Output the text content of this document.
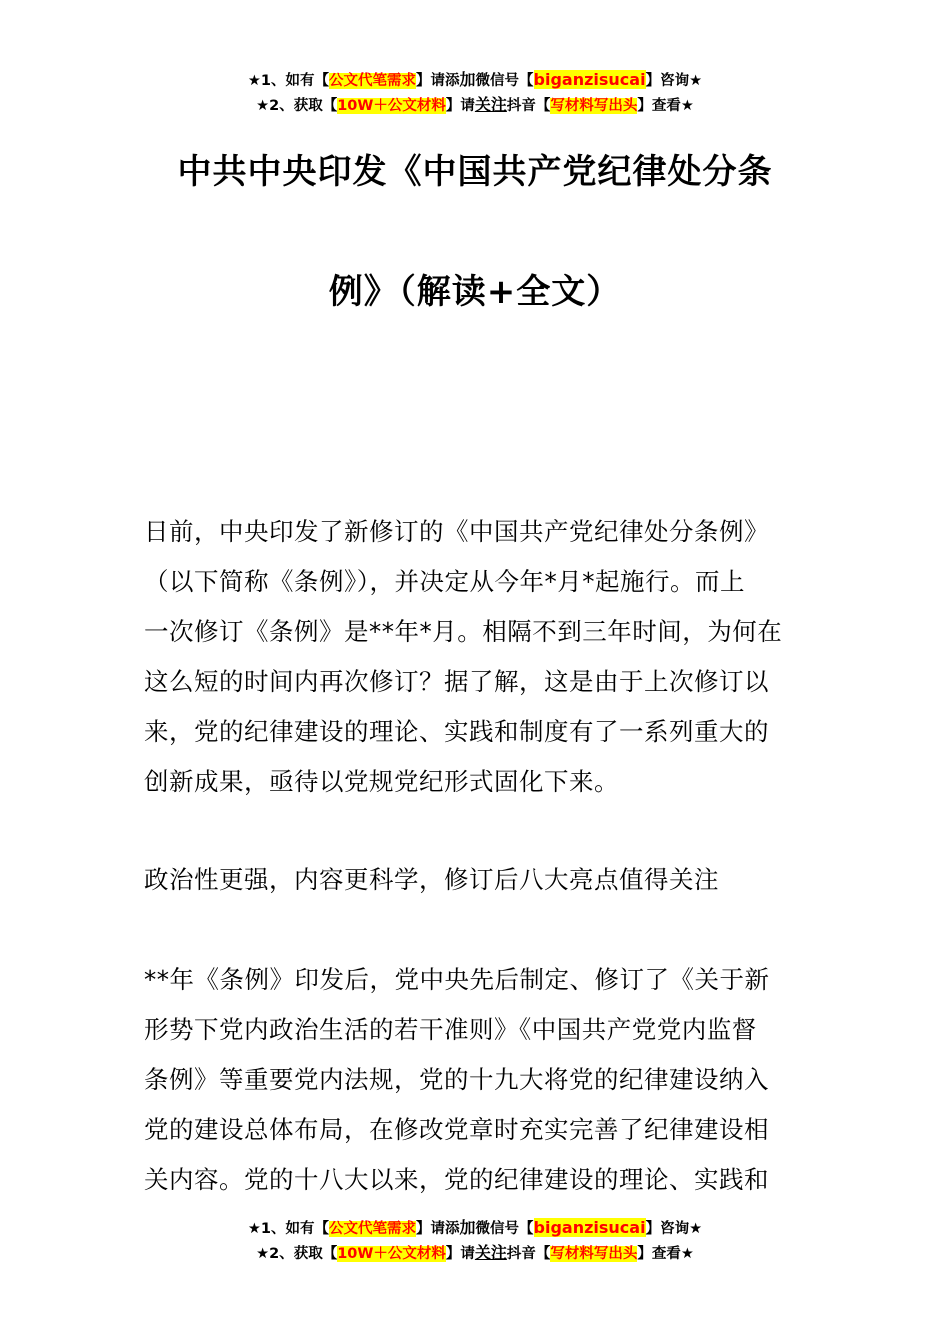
★1、如有【公文代笔需求】请添加微信号【biganzisucai】咨询★
★2、获取【10W＋公文材料】请关注抖音【写材料写出头】查看★
中共中央印发《中国共产党纪律处分条
例》（解读+全文）
日前，中央印发了新修订的《中国共产党纪律处分条例》
（以下简称《条例》），并决定从今年*月*起施行。而上
一次修订《条例》是**年*月。相隔不到三年时间，为何在
这么短的时间内再次修订？据了解，这是由于上次修订以
来，党的纪律建设的理论、实践和制度有了一系列重大的
创新成果，亟待以党规党纪形式固化下来。
政治性更强，内容更科学，修订后八大亮点值得关注
**年《条例》印发后，党中央先后制定、修订了《关于新
形势下党内政治生活的若干准则》《中国共产党党内监督
条例》等重要党内法规，党的十九大将党的纪律建设纳入
党的建设总体布局，在修改党章时充实完善了纪律建设相
关内容。党的十八大以来，党的纪律建设的理论、实践和
★1、如有【公文代笔需求】请添加微信号【biganzisucai】咨询★
★2、获取【10W＋公文材料】请关注抖音【写材料写出头】查看★
